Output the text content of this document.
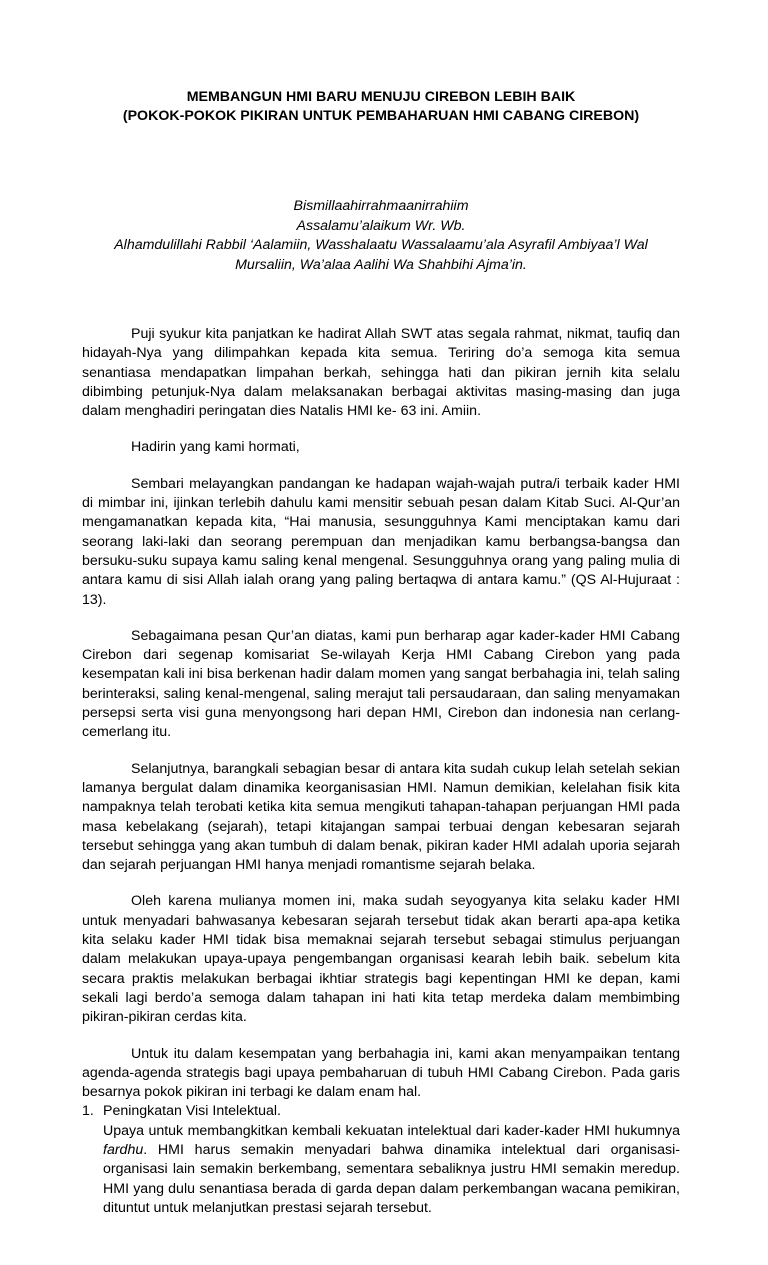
MEMBANGUN HMI BARU MENUJU CIREBON LEBIH BAIK
(POKOK-POKOK PIKIRAN UNTUK PEMBAHARUAN HMI CABANG CIREBON)
Bismillaahirrahmaanirrahiim
Assalamu’alaikum Wr. Wb.
Alhamdulillahi Rabbil ‘Aalamiin, Wasshalaatu Wassalaamu’ala Asyrafil Ambiyaa’l Wal
Mursaliin, Wa’alaa Aalihi Wa Shahbihi Ajma’in.

Puji syukur kita panjatkan ke hadirat Allah SWT atas segala rahmat, nikmat, taufiq dan hidayah-Nya yang dilimpahkan kepada kita semua. Teriring do’a semoga kita semua senantiasa mendapatkan limpahan berkah, sehingga hati dan pikiran jernih kita selalu dibimbing petunjuk-Nya dalam melaksanakan berbagai aktivitas masing-masing dan juga dalam menghadiri peringatan dies Natalis HMI ke- 63 ini. Amiin.

Hadirin yang kami hormati,

Sembari melayangkan pandangan ke hadapan wajah-wajah putra/i terbaik kader HMI di mimbar ini, ijinkan terlebih dahulu kami mensitir sebuah pesan dalam Kitab Suci. Al-Qur’an mengamanatkan kepada kita, “Hai manusia, sesungguhnya Kami menciptakan kamu dari seorang laki-laki dan seorang perempuan dan menjadikan kamu berbangsa-bangsa dan bersuku-suku supaya kamu saling kenal mengenal. Sesungguhnya orang yang paling mulia di antara kamu di sisi Allah ialah orang yang paling bertaqwa di antara kamu.” (QS Al-Hujuraat : 13).

Sebagaimana pesan Qur’an diatas, kami pun berharap agar kader-kader HMI Cabang Cirebon dari segenap komisariat Se-wilayah Kerja HMI Cabang Cirebon yang pada kesempatan kali ini bisa berkenan hadir dalam momen yang sangat berbahagia ini, telah saling berinteraksi, saling kenal-mengenal, saling merajut tali persaudaraan, dan saling menyamakan persepsi serta visi guna menyongsong hari depan HMI, Cirebon dan indonesia nan cerlang-cemerlang itu.

Selanjutnya, barangkali sebagian besar di antara kita sudah cukup lelah setelah sekian lamanya bergulat dalam dinamika keorganisasian HMI. Namun demikian, kelelahan fisik kita nampaknya telah terobati ketika kita semua mengikuti tahapan-tahapan perjuangan HMI pada masa kebelakang (sejarah), tetapi kitajangan sampai terbuai dengan kebesaran sejarah tersebut sehingga yang akan tumbuh di dalam benak, pikiran kader HMI adalah uporia sejarah dan sejarah perjuangan HMI hanya menjadi romantisme sejarah belaka.

Oleh karena mulianya momen ini, maka sudah seyogyanya kita selaku kader HMI untuk menyadari bahwasanya kebesaran sejarah tersebut tidak akan berarti apa-apa ketika kita selaku kader HMI tidak bisa memaknai sejarah tersebut sebagai stimulus perjuangan dalam melakukan upaya-upaya pengembangan organisasi kearah lebih baik. sebelum kita secara praktis melakukan berbagai ikhtiar strategis bagi kepentingan HMI ke depan, kami sekali lagi berdo’a semoga dalam tahapan ini hati kita tetap merdeka dalam membimbing pikiran-pikiran cerdas kita.

Untuk itu dalam kesempatan yang berbahagia ini, kami akan menyampaikan tentang agenda-agenda strategis bagi upaya pembaharuan di tubuh HMI Cabang Cirebon. Pada garis besarnya pokok pikiran ini terbagi ke dalam enam hal.

1. Peningkatan Visi Intelektual.
Upaya untuk membangkitkan kembali kekuatan intelektual dari kader-kader HMI hukumnya fardhu. HMI harus semakin menyadari bahwa dinamika intelektual dari organisasi-organisasi lain semakin berkembang, sementara sebaliknya justru HMI semakin meredup. HMI yang dulu senantiasa berada di garda depan dalam perkembangan wacana pemikiran, dituntut untuk melanjutkan prestasi sejarah tersebut.
